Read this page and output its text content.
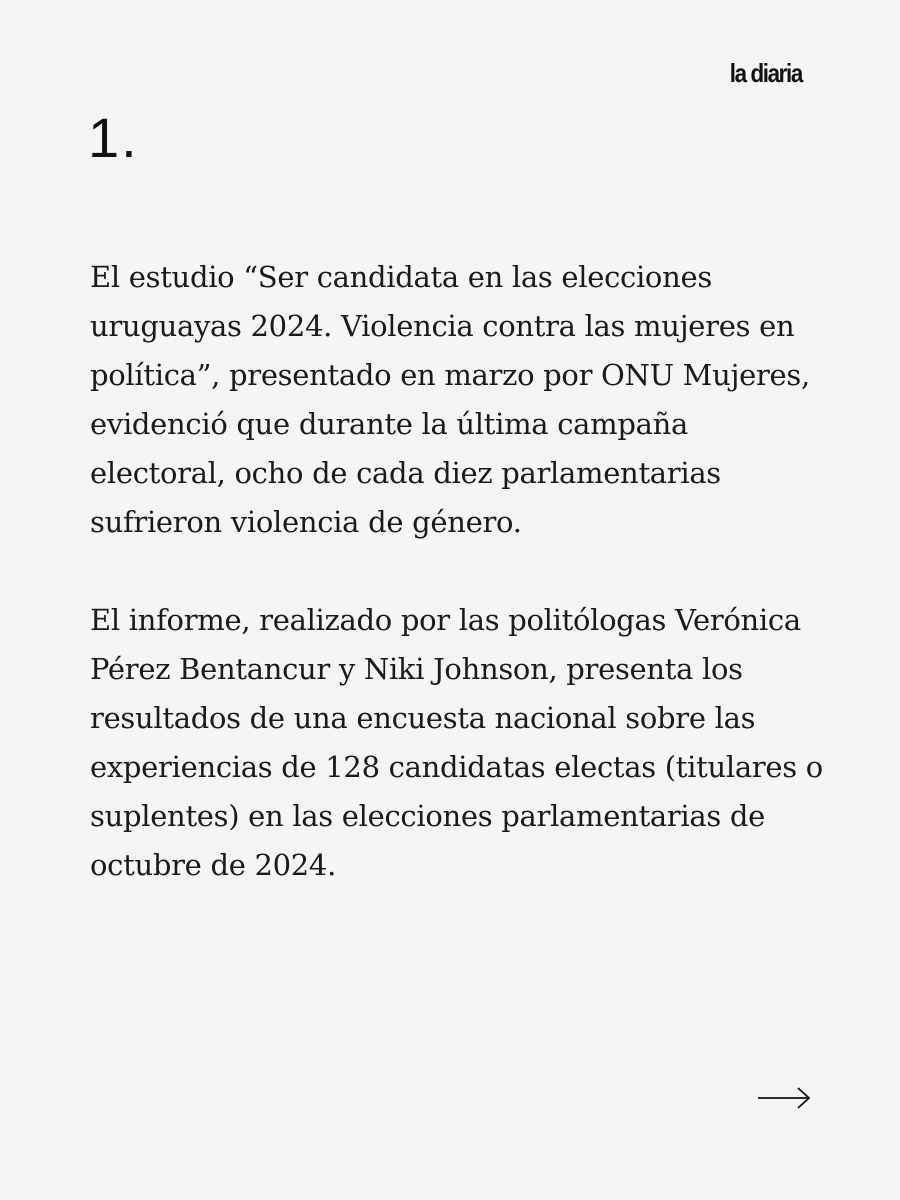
la diaria
1.

El estudio “Ser candidata en las elecciones uruguayas 2024. Violencia contra las mujeres en política”, presentado en marzo por ONU Mujeres, evidenció que durante la última campaña electoral, ocho de cada diez parlamentarias sufrieron violencia de género.

El informe, realizado por las politólogas Verónica Pérez Bentancur y Niki Johnson, presenta los resultados de una encuesta nacional sobre las experiencias de 128 candidatas electas (titulares o suplentes) en las elecciones parlamentarias de octubre de 2024.
